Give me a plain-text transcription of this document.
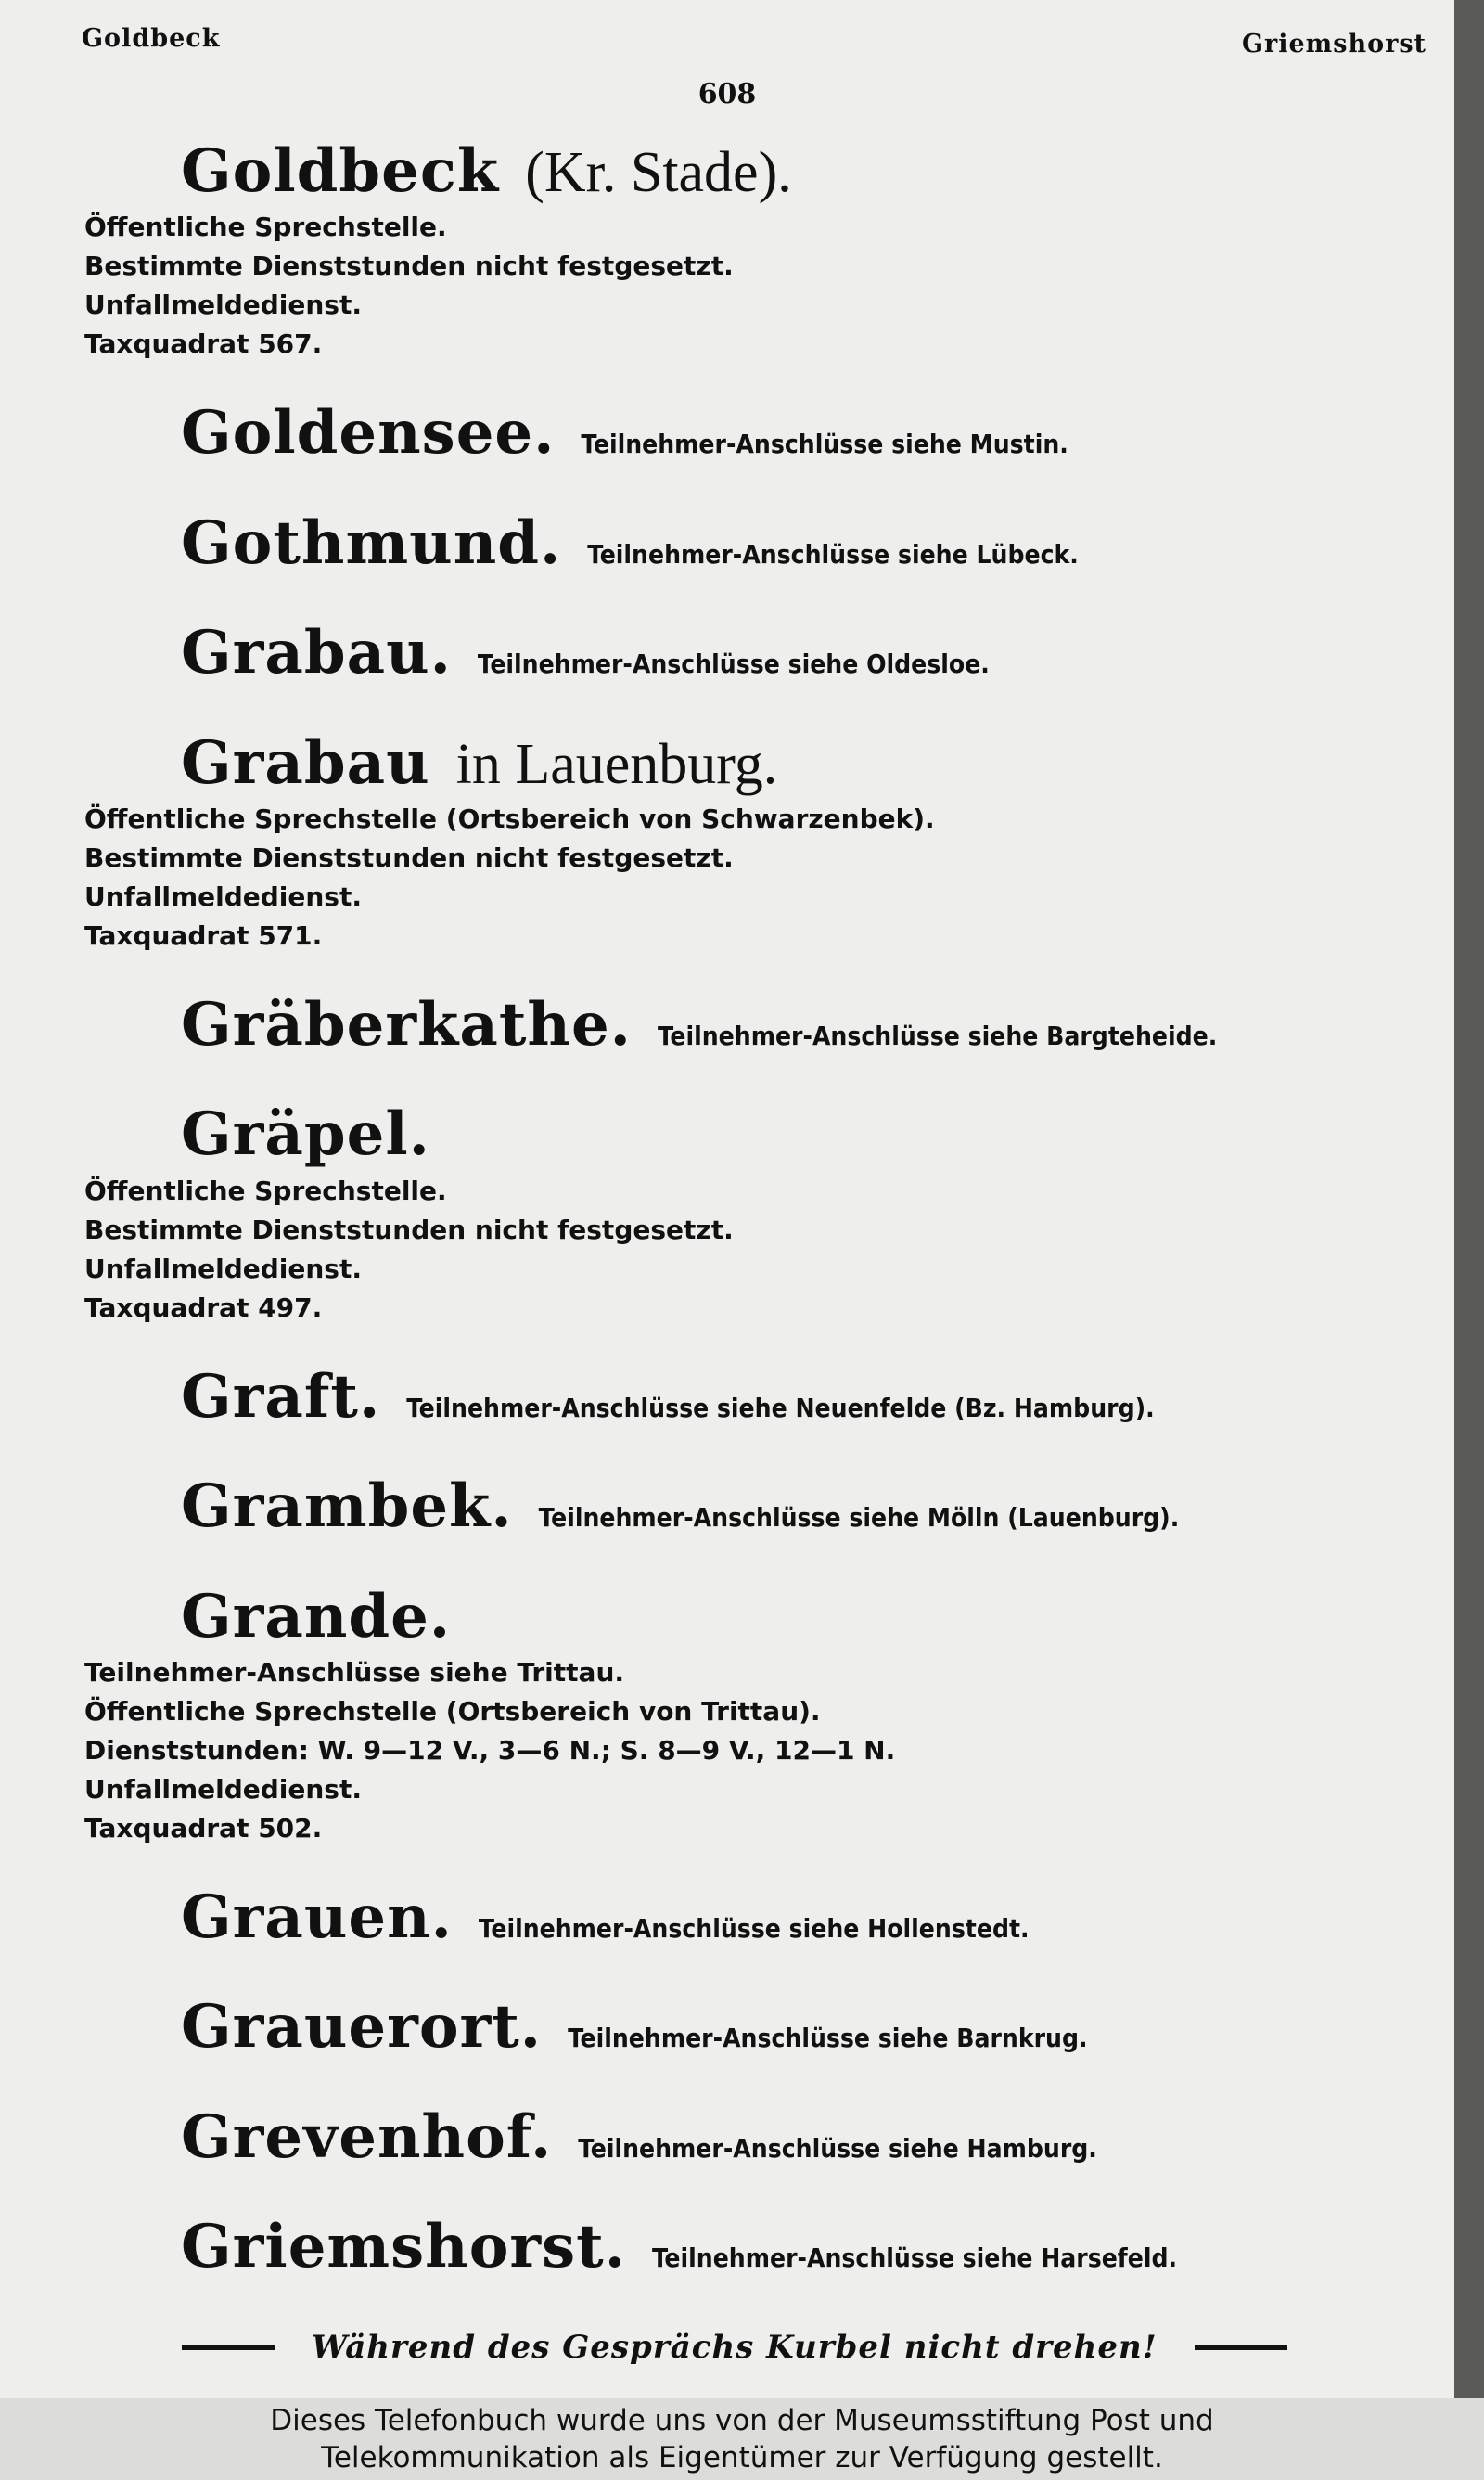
Goldbeck	Griemshorst
608
Goldbeck (Kr. Stade).
Öffentliche Sprechstelle.
Bestimmte Dienststunden nicht festgesetzt.
Unfallmeldedienst.
Taxquadrat 567.
Goldensee. Teilnehmer-Anschlüsse siehe Mustin.
Gothmund. Teilnehmer-Anschlüsse siehe Lübeck.
Grabau. Teilnehmer-Anschlüsse siehe Oldesloe.
Grabau in Lauenburg.
Öffentliche Sprechstelle (Ortsbereich von Schwarzenbek).
Bestimmte Dienststunden nicht festgesetzt.
Unfallmeldedienst.
Taxquadrat 571.
Gräberkathe. Teilnehmer-Anschlüsse siehe Bargteheide.
Gräpel.
Öffentliche Sprechstelle.
Bestimmte Dienststunden nicht festgesetzt.
Unfallmeldedienst.
Taxquadrat 497.
Graft. Teilnehmer-Anschlüsse siehe Neuenfelde (Bz. Hamburg).
Grambek. Teilnehmer-Anschlüsse siehe Mölln (Lauenburg).
Grande.
Teilnehmer-Anschlüsse siehe Trittau.
Öffentliche Sprechstelle (Ortsbereich von Trittau).
Dienststunden: W. 9—12 V., 3—6 N.; S. 8—9 V., 12—1 N.
Unfallmeldedienst.
Taxquadrat 502.
Grauen. Teilnehmer-Anschlüsse siehe Hollenstedt.
Grauerort. Teilnehmer-Anschlüsse siehe Barnkrug.
Grevenhof. Teilnehmer-Anschlüsse siehe Hamburg.
Griemshorst. Teilnehmer-Anschlüsse siehe Harsefeld.
Während des Gesprächs Kurbel nicht drehen!
Dieses Telefonbuch wurde uns von der Museumsstiftung Post und
Telekommunikation als Eigentümer zur Verfügung gestellt.
